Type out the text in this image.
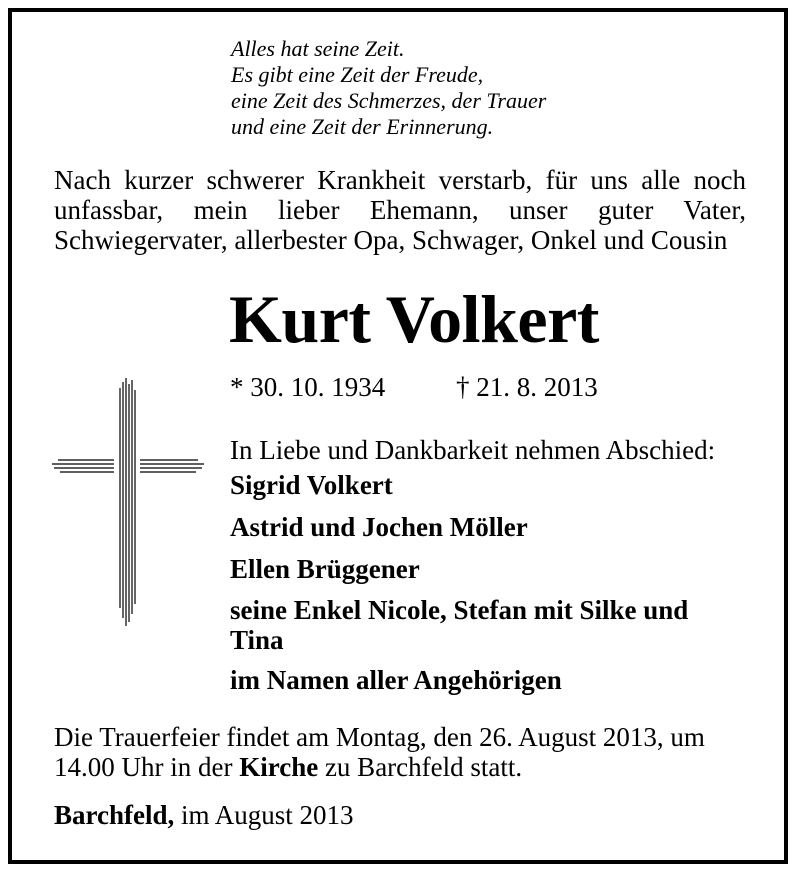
Alles hat seine Zeit.
Es gibt eine Zeit der Freude,
eine Zeit des Schmerzes, der Trauer
und eine Zeit der Erinnerung.
Nach kurzer schwerer Krankheit verstarb, für uns alle noch unfassbar, mein lieber Ehemann, unser guter Vater, Schwiegervater, allerbester Opa, Schwager, Onkel und Cousin
Kurt Volkert
* 30. 10. 1934	† 21. 8. 2013
In Liebe und Dankbarkeit nehmen Abschied:
Sigrid Volkert
Astrid und Jochen Möller
Ellen Brüggener
seine Enkel Nicole, Stefan mit Silke und Tina
im Namen aller Angehörigen
Die Trauerfeier findet am Montag, den 26. August 2013, um 14.00 Uhr in der Kirche zu Barchfeld statt.
Barchfeld, im August 2013
